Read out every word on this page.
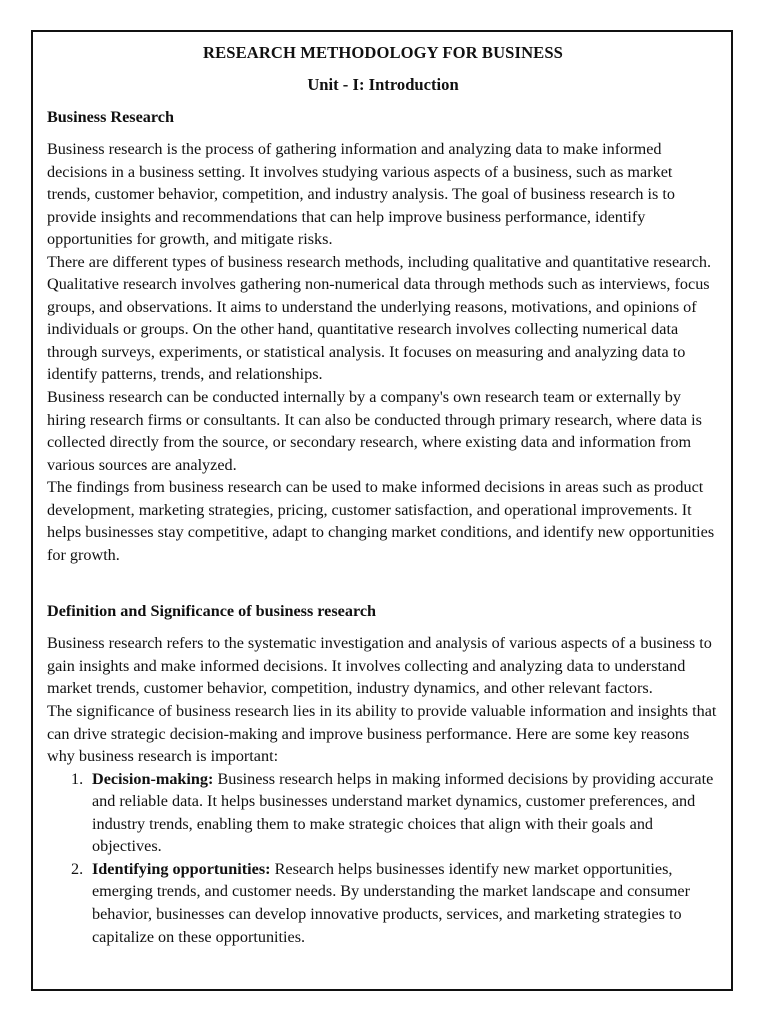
RESEARCH METHODOLOGY FOR BUSINESS
Unit - I: Introduction
Business Research

Business research is the process of gathering information and analyzing data to make informed decisions in a business setting. It involves studying various aspects of a business, such as market trends, customer behavior, competition, and industry analysis. The goal of business research is to provide insights and recommendations that can help improve business performance, identify opportunities for growth, and mitigate risks.

There are different types of business research methods, including qualitative and quantitative research. Qualitative research involves gathering non-numerical data through methods such as interviews, focus groups, and observations. It aims to understand the underlying reasons, motivations, and opinions of individuals or groups. On the other hand, quantitative research involves collecting numerical data through surveys, experiments, or statistical analysis. It focuses on measuring and analyzing data to identify patterns, trends, and relationships.

Business research can be conducted internally by a company's own research team or externally by hiring research firms or consultants. It can also be conducted through primary research, where data is collected directly from the source, or secondary research, where existing data and information from various sources are analyzed.

The findings from business research can be used to make informed decisions in areas such as product development, marketing strategies, pricing, customer satisfaction, and operational improvements. It helps businesses stay competitive, adapt to changing market conditions, and identify new opportunities for growth.

Definition and Significance of business research

Business research refers to the systematic investigation and analysis of various aspects of a business to gain insights and make informed decisions. It involves collecting and analyzing data to understand market trends, customer behavior, competition, industry dynamics, and other relevant factors.

The significance of business research lies in its ability to provide valuable information and insights that can drive strategic decision-making and improve business performance. Here are some key reasons why business research is important:

1. Decision-making: Business research helps in making informed decisions by providing accurate and reliable data. It helps businesses understand market dynamics, customer preferences, and industry trends, enabling them to make strategic choices that align with their goals and objectives.
2. Identifying opportunities: Research helps businesses identify new market opportunities, emerging trends, and customer needs. By understanding the market landscape and consumer behavior, businesses can develop innovative products, services, and marketing strategies to capitalize on these opportunities.
